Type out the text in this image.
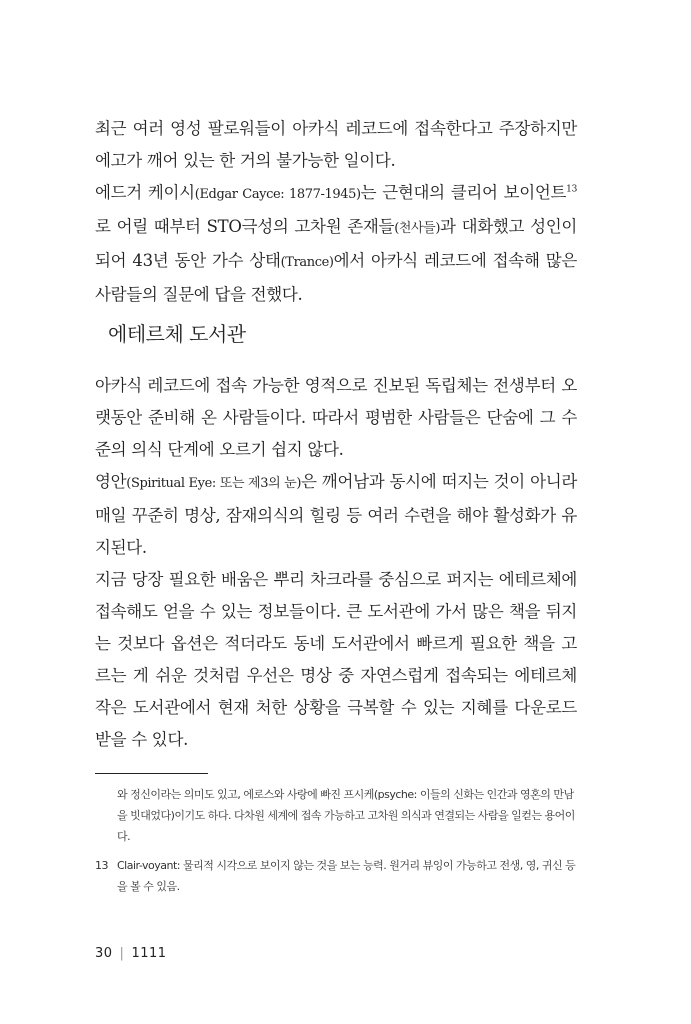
최근 여러 영성 팔로워들이 아카식 레코드에 접속한다고 주장하지만 에고가 깨어 있는 한 거의 불가능한 일이다.

에드거 케이시(Edgar Cayce: 1877-1945)는 근현대의 클리어 보이언트$^{13}$로 어릴 때부터 STO극성의 고차원 존재들(천사들)과 대화했고 성인이 되어 43년 동안 가수 상태(Trance)에서 아카식 레코드에 접속해 많은 사람들의 질문에 답을 전했다.

에테르체 도서관

아카식 레코드에 접속 가능한 영적으로 진보된 독립체는 전생부터 오랫동안 준비해 온 사람들이다. 따라서 평범한 사람들은 단숨에 그 수준의 의식 단계에 오르기 쉽지 않다.

영안(Spiritual Eye: 또는 제3의 눈)은 깨어남과 동시에 떠지는 것이 아니라 매일 꾸준히 명상, 잠재의식의 힐링 등 여러 수련을 해야 활성화가 유지된다.

지금 당장 필요한 배움은 뿌리 차크라를 중심으로 퍼지는 에테르체에 접속해도 얻을 수 있는 정보들이다. 큰 도서관에 가서 많은 책을 뒤지는 것보다 옵션은 적더라도 동네 도서관에서 빠르게 필요한 책을 고르는 게 쉬운 것처럼 우선은 명상 중 자연스럽게 접속되는 에테르체 작은 도서관에서 현재 처한 상황을 극복할 수 있는 지혜를 다운로드 받을 수 있다.

와 정신이라는 의미도 있고, 에로스와 사랑에 빠진 프시케(psyche: 이들의 신화는 인간과 영혼의 만남을 빗대었다)이기도 하다. 다차원 세계에 접속 가능하고 고차원 의식과 연결되는 사람을 일컫는 용어이다.
13 Clair-voyant: 물리적 시각으로 보이지 않는 것을 보는 능력. 원거리 뷰잉이 가능하고 전생, 영, 귀신 등을 볼 수 있음.
30 | 1111
